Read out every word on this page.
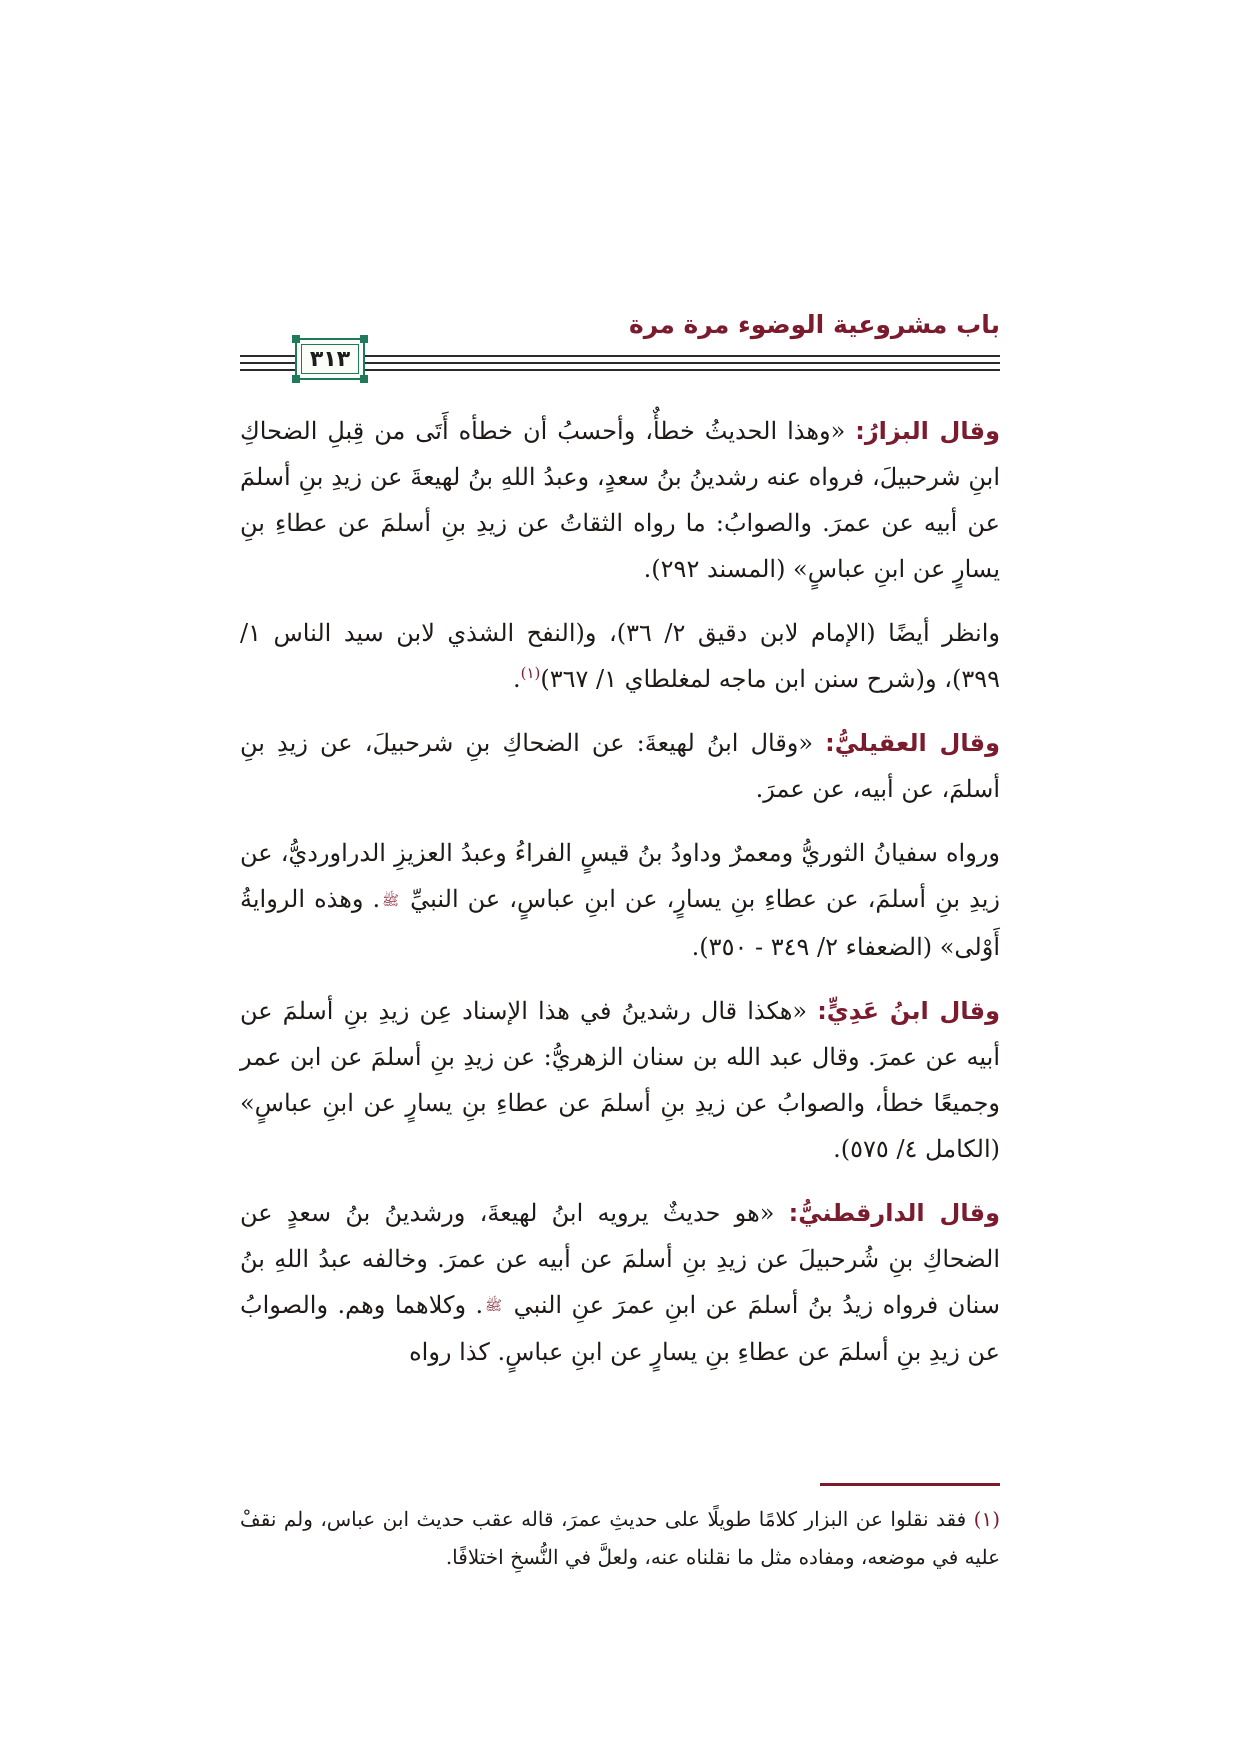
باب مشروعية الوضوء مرة مرة
٣١٣

وقال البزارُ: «وهذا الحديثُ خطأٌ، وأحسبُ أن خطأه أَتَى من قِبلِ الضحاكِ ابنِ شرحبيلَ، فرواه عنه رشدينُ بنُ سعدٍ، وعبدُ اللهِ بنُ لهيعةَ عن زيدِ بنِ أسلمَ عن أبيه عن عمرَ. والصوابُ: ما رواه الثقاتُ عن زيدِ بنِ أسلمَ عن عطاءِ بنِ يسارٍ عن ابنِ عباسٍ» (المسند ٢٩٢).

وانظر أيضًا (الإمام لابن دقيق ٢/ ٣٦)، و(النفح الشذي لابن سيد الناس ١/ ٣٩٩)، و(شرح سنن ابن ماجه لمغلطاي ١/ ٣٦٧)$^{(١)}$.

وقال العقيليُّ: «وقال ابنُ لهيعةَ: عن الضحاكِ بنِ شرحبيلَ، عن زيدِ بنِ أسلمَ، عن أبيه، عن عمرَ.

ورواه سفيانُ الثوريُّ ومعمرٌ وداودُ بنُ قيسٍ الفراءُ وعبدُ العزيزِ الدراورديُّ، عن زيدِ بنِ أسلمَ، عن عطاءِ بنِ يسارٍ، عن ابنِ عباسٍ، عن النبيِّ ﷺ. وهذه الروايةُ أَوْلى» (الضعفاء ٢/ ٣٤٩ - ٣٥٠).

وقال ابنُ عَدِيٍّ: «هكذا قال رشدينُ في هذا الإسناد عِن زيدِ بنِ أسلمَ عن أبيه عن عمرَ. وقال عبد الله بن سنان الزهريُّ: عن زيدِ بنِ أسلمَ عن ابن عمر وجميعًا خطأ، والصوابُ عن زيدِ بنِ أسلمَ عن عطاءِ بنِ يسارٍ عن ابنِ عباسٍ» (الكامل ٤/ ٥٧٥).

وقال الدارقطنيُّ: «هو حديثٌ يرويه ابنُ لهيعةَ، ورشدينُ بنُ سعدٍ عن الضحاكِ بنِ شُرحبيلَ عن زيدِ بنِ أسلمَ عن أبيه عن عمرَ. وخالفه عبدُ اللهِ بنُ سنان فرواه زيدُ بنُ أسلمَ عن ابنِ عمرَ عنِ النبي ﷺ. وكلاهما وهم. والصوابُ عن زيدِ بنِ أسلمَ عن عطاءِ بنِ يسارٍ عن ابنِ عباسٍ. كذا رواه

(١) فقد نقلوا عن البزار كلامًا طويلًا على حديثِ عمرَ، قاله عقب حديث ابن عباس، ولم نقفْ عليه في موضعه، ومفاده مثل ما نقلناه عنه، ولعلَّ في النُّسخِ اختلافًا.
